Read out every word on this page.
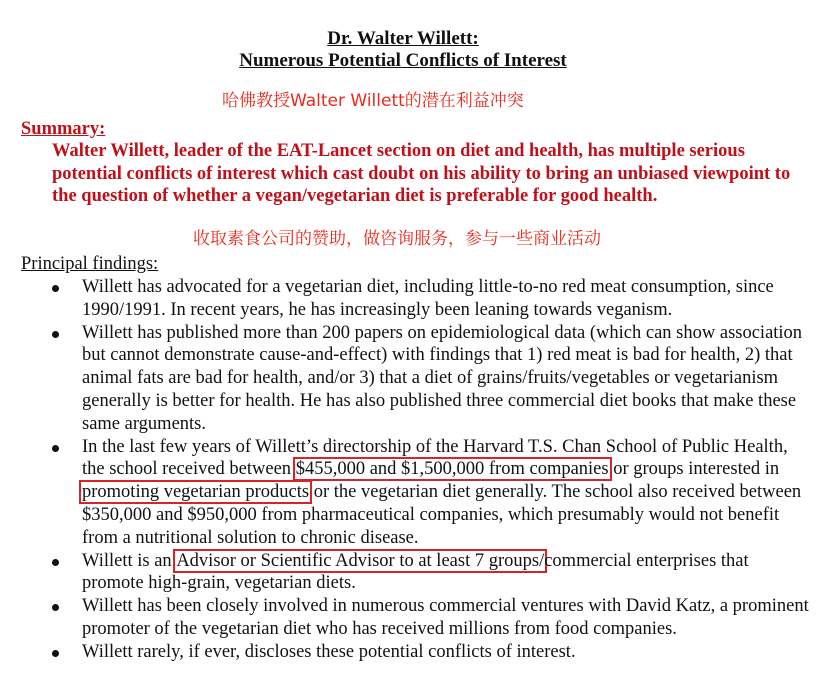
Dr. Walter Willett:
Numerous Potential Conflicts of Interest
哈佛教授Walter Willett的潜在利益冲突
Summary:
Walter Willett, leader of the EAT-Lancet section on diet and health, has multiple serious potential conflicts of interest which cast doubt on his ability to bring an unbiased viewpoint to the question of whether a vegan/vegetarian diet is preferable for good health.
收取素食公司的赞助，做咨询服务，参与一些商业活动
Principal findings:
Willett has advocated for a vegetarian diet, including little-to-no red meat consumption, since 1990/1991. In recent years, he has increasingly been leaning towards veganism.
Willett has published more than 200 papers on epidemiological data (which can show association but cannot demonstrate cause-and-effect) with findings that 1) red meat is bad for health, 2) that animal fats are bad for health, and/or 3) that a diet of grains/fruits/vegetables or vegetarianism generally is better for health. He has also published three commercial diet books that make these same arguments.
In the last few years of Willett’s directorship of the Harvard T.S. Chan School of Public Health, the school received between $455,000 and $1,500,000 from companies or groups interested in promoting vegetarian products or the vegetarian diet generally. The school also received between $350,000 and $950,000 from pharmaceutical companies, which presumably would not benefit from a nutritional solution to chronic disease.
Willett is an Advisor or Scientific Advisor to at least 7 groups/commercial enterprises that promote high-grain, vegetarian diets.
Willett has been closely involved in numerous commercial ventures with David Katz, a prominent promoter of the vegetarian diet who has received millions from food companies.
Willett rarely, if ever, discloses these potential conflicts of interest.
